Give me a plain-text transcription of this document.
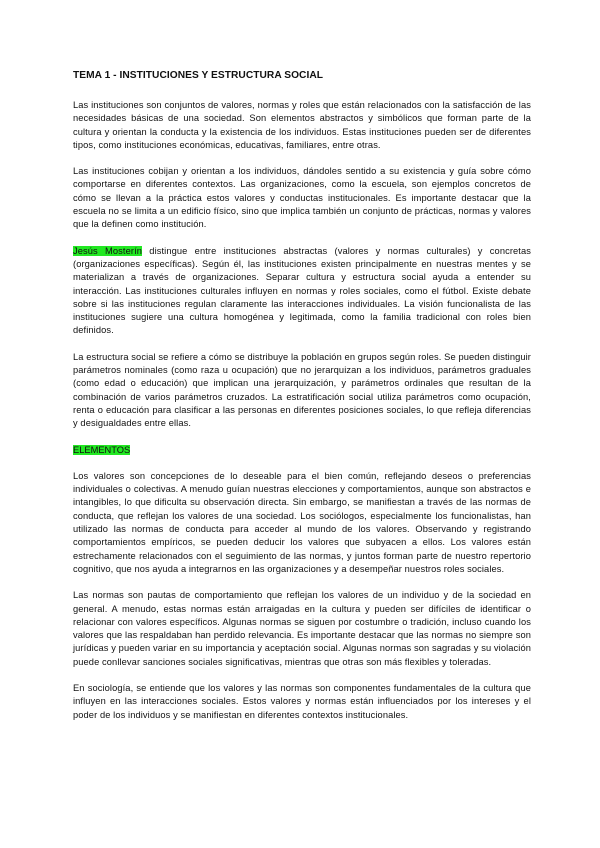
TEMA 1 - INSTITUCIONES Y ESTRUCTURA SOCIAL

Las instituciones son conjuntos de valores, normas y roles que están relacionados con la satisfacción de las necesidades básicas de una sociedad. Son elementos abstractos y simbólicos que forman parte de la cultura y orientan la conducta y la existencia de los individuos. Estas instituciones pueden ser de diferentes tipos, como instituciones económicas, educativas, familiares, entre otras.

Las instituciones cobijan y orientan a los individuos, dándoles sentido a su existencia y guía sobre cómo comportarse en diferentes contextos. Las organizaciones, como la escuela, son ejemplos concretos de cómo se llevan a la práctica estos valores y conductas institucionales. Es importante destacar que la escuela no se limita a un edificio físico, sino que implica también un conjunto de prácticas, normas y valores que la definen como institución.

Jesús Mosterín distingue entre instituciones abstractas (valores y normas culturales) y concretas (organizaciones específicas). Según él, las instituciones existen principalmente en nuestras mentes y se materializan a través de organizaciones. Separar cultura y estructura social ayuda a entender su interacción. Las instituciones culturales influyen en normas y roles sociales, como el fútbol. Existe debate sobre si las instituciones regulan claramente las interacciones individuales. La visión funcionalista de las instituciones sugiere una cultura homogénea y legitimada, como la familia tradicional con roles bien definidos.

La estructura social se refiere a cómo se distribuye la población en grupos según roles. Se pueden distinguir parámetros nominales (como raza u ocupación) que no jerarquizan a los individuos, parámetros graduales (como edad o educación) que implican una jerarquización, y parámetros ordinales que resultan de la combinación de varios parámetros cruzados. La estratificación social utiliza parámetros como ocupación, renta o educación para clasificar a las personas en diferentes posiciones sociales, lo que refleja diferencias y desigualdades entre ellas.

ELEMENTOS

Los valores son concepciones de lo deseable para el bien común, reflejando deseos o preferencias individuales o colectivas. A menudo guían nuestras elecciones y comportamientos, aunque son abstractos e intangibles, lo que dificulta su observación directa. Sin embargo, se manifiestan a través de las normas de conducta, que reflejan los valores de una sociedad. Los sociólogos, especialmente los funcionalistas, han utilizado las normas de conducta para acceder al mundo de los valores. Observando y registrando comportamientos empíricos, se pueden deducir los valores que subyacen a ellos. Los valores están estrechamente relacionados con el seguimiento de las normas, y juntos forman parte de nuestro repertorio cognitivo, que nos ayuda a integrarnos en las organizaciones y a desempeñar nuestros roles sociales.

Las normas son pautas de comportamiento que reflejan los valores de un individuo y de la sociedad en general. A menudo, estas normas están arraigadas en la cultura y pueden ser difíciles de identificar o relacionar con valores específicos. Algunas normas se siguen por costumbre o tradición, incluso cuando los valores que las respaldaban han perdido relevancia. Es importante destacar que las normas no siempre son jurídicas y pueden variar en su importancia y aceptación social. Algunas normas son sagradas y su violación puede conllevar sanciones sociales significativas, mientras que otras son más flexibles y toleradas.

En sociología, se entiende que los valores y las normas son componentes fundamentales de la cultura que influyen en las interacciones sociales. Estos valores y normas están influenciados por los intereses y el poder de los individuos y se manifiestan en diferentes contextos institucionales.
